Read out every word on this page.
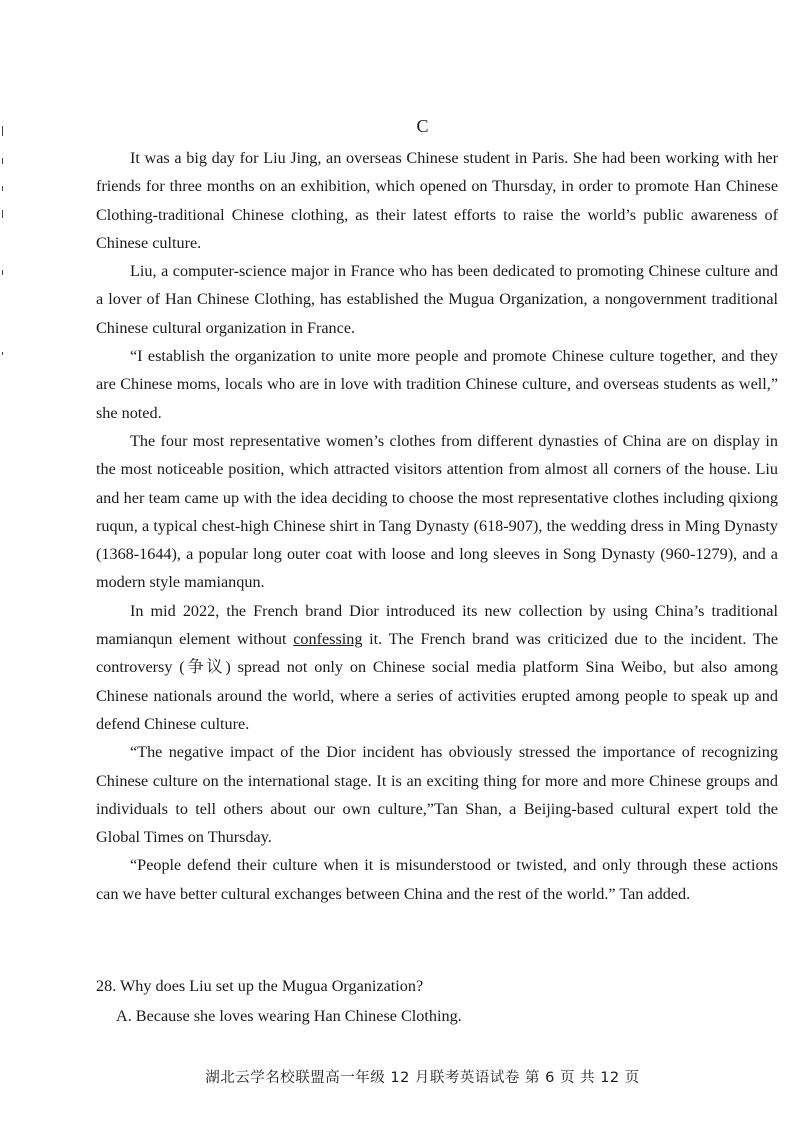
C

It was a big day for Liu Jing, an overseas Chinese student in Paris. She had been working with her friends for three months on an exhibition, which opened on Thursday, in order to promote Han Chinese Clothing-traditional Chinese clothing, as their latest efforts to raise the world’s public awareness of Chinese culture.

Liu, a computer-science major in France who has been dedicated to promoting Chinese culture and a lover of Han Chinese Clothing, has established the Mugua Organization, a nongovernment traditional Chinese cultural organization in France.

“I establish the organization to unite more people and promote Chinese culture together, and they are Chinese moms, locals who are in love with tradition Chinese culture, and overseas students as well,” she noted.

The four most representative women’s clothes from different dynasties of China are on display in the most noticeable position, which attracted visitors attention from almost all corners of the house. Liu and her team came up with the idea deciding to choose the most representative clothes including qixiong ruqun, a typical chest-high Chinese shirt in Tang Dynasty (618-907), the wedding dress in Ming Dynasty (1368-1644), a popular long outer coat with loose and long sleeves in Song Dynasty (960-1279), and a modern style mamianqun.

In mid 2022, the French brand Dior introduced its new collection by using China’s traditional mamianqun element without confessing it. The French brand was criticized due to the incident. The controversy (争议) spread not only on Chinese social media platform Sina Weibo, but also among Chinese nationals around the world, where a series of activities erupted among people to speak up and defend Chinese culture.

“The negative impact of the Dior incident has obviously stressed the importance of recognizing Chinese culture on the international stage. It is an exciting thing for more and more Chinese groups and individuals to tell others about our own culture,”Tan Shan, a Beijing-based cultural expert told the Global Times on Thursday.

“People defend their culture when it is misunderstood or twisted, and only through these actions can we have better cultural exchanges between China and the rest of the world.” Tan added.

28. Why does Liu set up the Mugua Organization?
A. Because she loves wearing Han Chinese Clothing.
湖北云学名校联盟高一年级 12 月联考英语试卷 第 6 页 共 12 页
